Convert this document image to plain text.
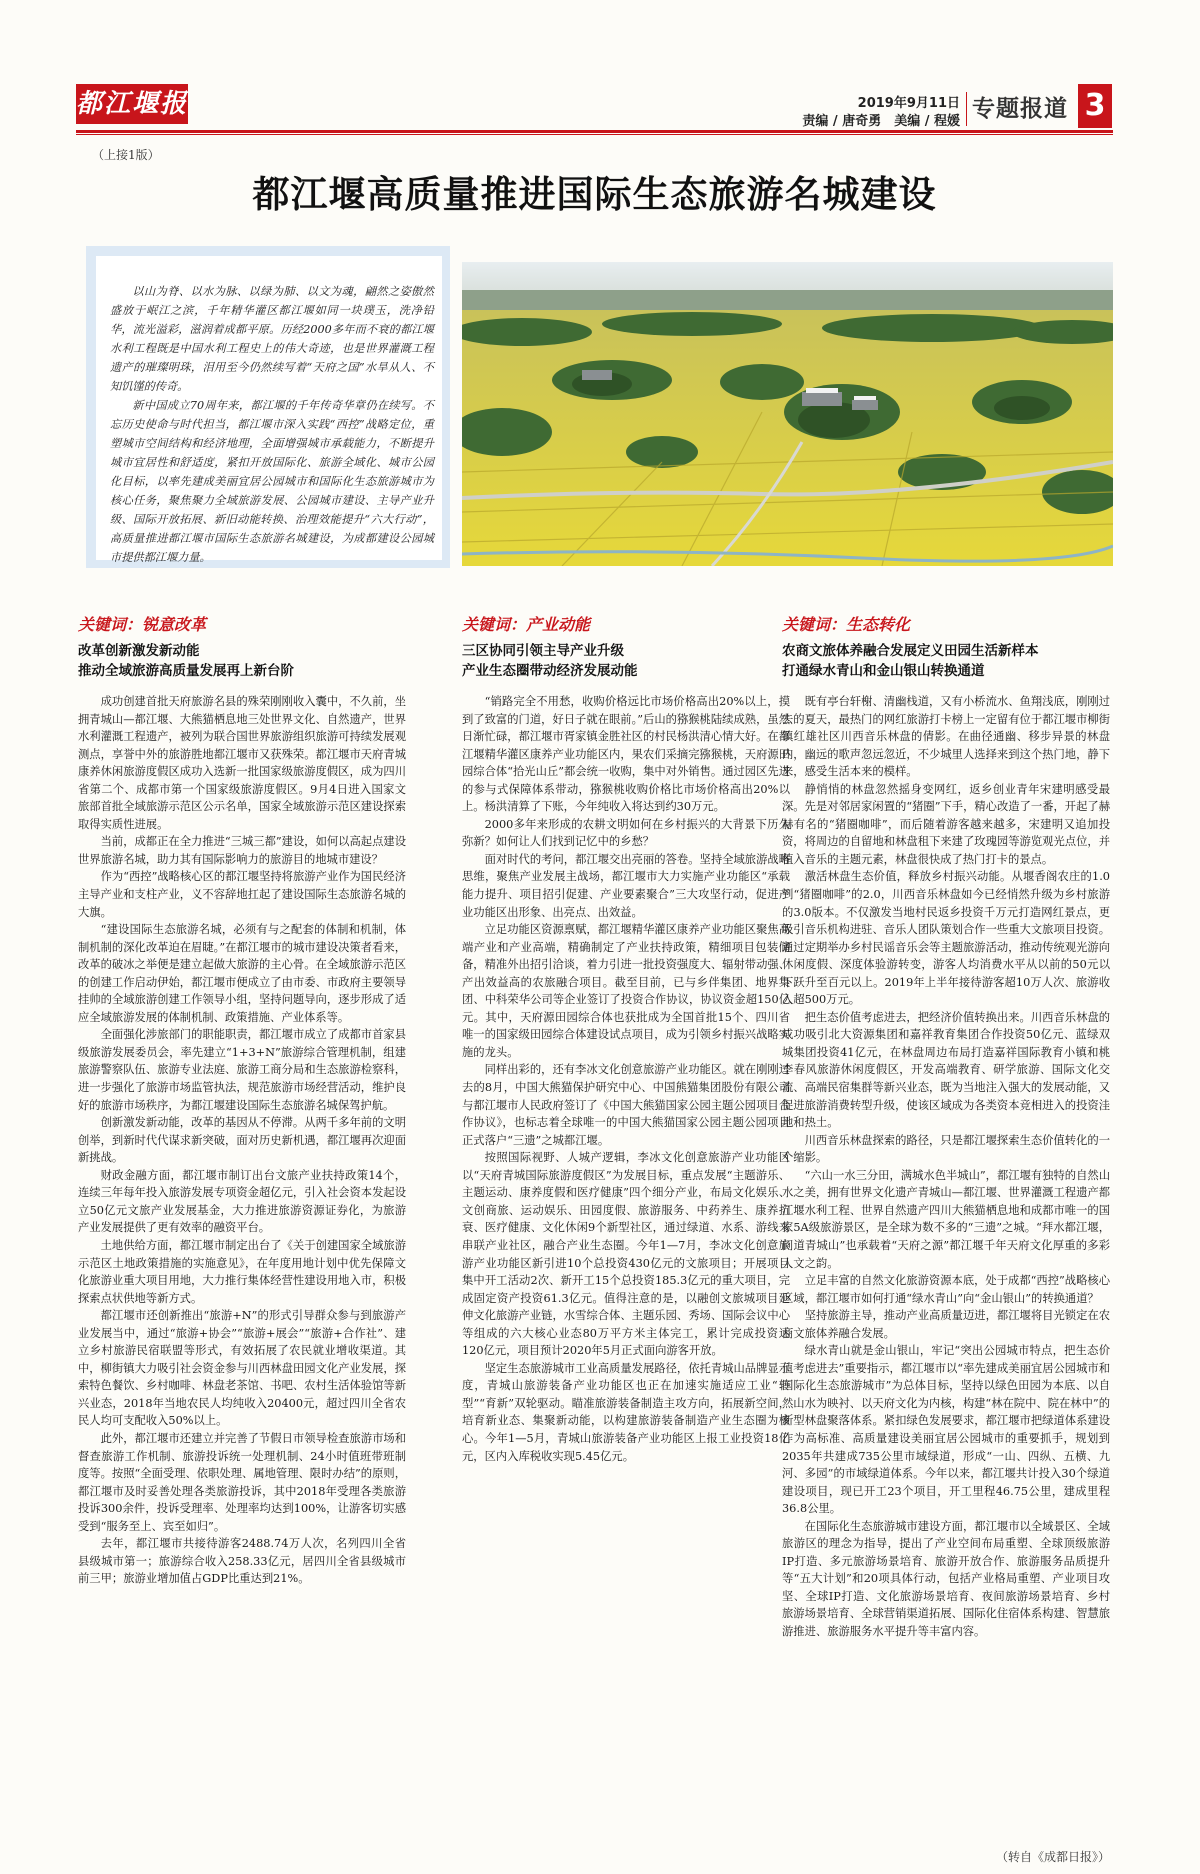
都江堰报	2019年9月11日
责编 / 唐奇勇　美编 / 程媛 专题报道 3
（上接1版）
都江堰高质量推进国际生态旅游名城建设

以山为脊、以水为脉、以绿为肺、以文为魂，翩然之姿傲然盛放于岷江之滨，千年精华灌区都江堰如同一块璞玉，洗净铅华，流光溢彩，滋润着成都平原。历经2000多年而不衰的都江堰水利工程既是中国水利工程史上的伟大奇迹，也是世界灌溉工程遗产的璀璨明珠，泪用至今仍然续写着“天府之国”水旱从人、不知饥馑的传奇。

新中国成立70周年来，都江堰的千年传奇华章仍在续写。不忘历史使命与时代担当，都江堰市深入实践“西控”战略定位，重塑城市空间结构和经济地理，全面增强城市承载能力，不断提升城市宜居性和舒适度，紧扣开放国际化、旅游全域化、城市公园化目标，以率先建成美丽宜居公园城市和国际化生态旅游城市为核心任务，聚焦聚力全域旅游发展、公园城市建设、主导产业升级、国际开放拓展、新旧动能转换、治理效能提升“六大行动”，高质量推进都江堰市国际生态旅游名城建设，为成都建设公园城市提供都江堰力量。

关键词：锐意改革
改革创新激发新动能
推动全域旅游高质量发展再上新台阶

成功创建首批天府旅游名县的殊荣刚刚收入囊中，不久前，坐拥青城山—都江堰、大熊猫栖息地三处世界文化、自然遗产，世界水利灌溉工程遗产，被列为联合国世界旅游组织旅游可持续发展观测点，享誉中外的旅游胜地都江堰市又获殊荣。都江堰市天府青城康养休闲旅游度假区成功入选新一批国家级旅游度假区，成为四川省第二个、成都市第一个国家级旅游度假区。9月4日进入国家文旅部首批全域旅游示范区公示名单，国家全域旅游示范区建设探索取得实质性进展。

当前，成都正在全力推进“三城三都”建设，如何以高起点建设世界旅游名城，助力其有国际影响力的旅游目的地城市建设？

作为“西控”战略核心区的都江堰坚持将旅游产业作为国民经济主导产业和支柱产业，义不容辞地扛起了建设国际生态旅游名城的大旗。

“建设国际生态旅游名城，必须有与之配套的体制和机制，体制机制的深化改革迫在眉睫。”在都江堰市的城市建设决策者看来，改革的破冰之举便是建立起做大旅游的主心骨。在全域旅游示范区的创建工作启动伊始，都江堰市便成立了由市委、市政府主要领导挂帅的全域旅游创建工作领导小组，坚持问题导向，逐步形成了适应全域旅游发展的体制机制、政策措施、产业体系等。

全面强化涉旅部门的职能职责，都江堰市成立了成都市首家县级旅游发展委员会，率先建立“1+3+N”旅游综合管理机制，组建旅游警察队伍、旅游专业法庭、旅游工商分局和生态旅游检察科，进一步强化了旅游市场监管执法，规范旅游市场经营活动，维护良好的旅游市场秩序，为都江堰建设国际生态旅游名城保驾护航。

创新激发新动能，改革的基因从不停滞。从两千多年前的文明创举，到新时代代谋求新突破，面对历史新机遇，都江堰再次迎面新挑战。

财政金融方面，都江堰市制订出台文旅产业扶持政策14个，连续三年每年投入旅游发展专项资金超亿元，引入社会资本发起设立50亿元文旅产业发展基金，大力推进旅游资源证券化，为旅游产业发展提供了更有效率的融资平台。

土地供给方面，都江堰市制定出台了《关于创建国家全域旅游示范区土地政策措施的实施意见》，在年度用地计划中优先保障文化旅游业重大项目用地，大力推行集体经营性建设用地入市，积极探索点状供地等新方式。

都江堰市还创新推出“旅游+N”的形式引导群众参与到旅游产业发展当中，通过“旅游+协会”“旅游+展会”“旅游+合作社”、建立乡村旅游民宿联盟等形式，有效拓展了农民就业增收渠道。其中，柳街镇大力吸引社会资金参与川西林盘田园文化产业发展，探索特色餐饮、乡村咖啡、林盘老茶馆、书吧、农村生活体验馆等新兴业态，2018年当地农民人均纯收入20400元，超过四川全省农民人均可支配收入50%以上。

此外，都江堰市还建立并完善了节假日市领导检查旅游市场和督查旅游工作机制、旅游投诉统一处理机制、24小时值班带班制度等。按照“全面受理、依职处理、属地管理、限时办结”的原则，都江堰市及时妥善处理各类旅游投诉，其中2018年受理各类旅游投诉300余件，投诉受理率、处理率均达到100%，让游客切实感受到“服务至上、宾至如归”。

去年，都江堰市共接待游客2488.74万人次，名列四川全省县级城市第一；旅游综合收入258.33亿元，居四川全省县级城市前三甲；旅游业增加值占GDP比重达到21%。

关键词：产业动能
三区协同引领主导产业升级
产业生态圈带动经济发展动能

“销路完全不用愁，收购价格远比市场价格高出20%以上，摸到了致富的门道，好日子就在眼前。”后山的猕猴桃陆续成熟，虽然日渐忙碌，都江堰市胥家镇金胜社区的村民杨洪清心情大好。在都江堰精华灌区康养产业功能区内，果农们采摘完猕猴桃，天府源田园综合体“拾光山丘”都会统一收购，集中对外销售。通过园区先进的参与式保障体系带动，猕猴桃收购价格比市场价格高出20%以上。杨洪清算了下账，今年纯收入将达到约30万元。

2000多年来形成的农耕文明如何在乡村振兴的大背景下历久弥新？如何让人们找到记忆中的乡愁？

面对时代的考问，都江堰交出亮丽的答卷。坚持全域旅游战略思维，聚焦产业发展主战场，都江堰市大力实施产业功能区“承载能力提升、项目招引促建、产业要素聚合”三大攻坚行动，促进产业功能区出形象、出亮点、出效益。

立足功能区资源禀赋，都江堰精华灌区康养产业功能区聚焦高端产业和产业高端，精确制定了产业扶持政策，精细项目包装储备，精准外出招引洽谈，着力引进一批投资强度大、辐射带动强、产出效益高的农旅融合项目。截至目前，已与乡伴集团、地界集团、中科荣华公司等企业签订了投资合作协议，协议资金超150亿元。其中，天府源田园综合体也获批成为全国首批15个、四川省唯一的国家级田园综合体建设试点项目，成为引领乡村振兴战略实施的龙头。

同样出彩的，还有李冰文化创意旅游产业功能区。就在刚刚过去的8月，中国大熊猫保护研究中心、中国熊猫集团股份有限公司与都江堰市人民政府签订了《中国大熊猫国家公园主题公园项目合作协议》，也标志着全球唯一的中国大熊猫国家公园主题公园项目正式落户“三遗”之城都江堰。

按照国际视野、人城产逻辑，李冰文化创意旅游产业功能区以“天府青城国际旅游度假区”为发展目标，重点发展“主题游乐、主题运动、康养度假和医疗健康”四个细分产业，布局文化娱乐、文创商旅、运动娱乐、田园度假、旅游服务、中药养生、康养抗衰、医疗健康、文化休闲9个新型社区，通过绿道、水系、游线来串联产业社区，融合产业生态圈。今年1—7月，李冰文化创意旅游产业功能区新引进10个总投资430亿元的文旅项目；开展项目集中开工活动2次、新开工15个总投资185.3亿元的重大项目，完成固定资产投资61.3亿元。值得注意的是，以融创文旅城项目延伸文化旅游产业链，水雪综合体、主题乐园、秀场、国际会议中心等组成的六大核心业态80万平方米主体完工，累计完成投资达120亿元，项目预计2020年5月正式面向游客开放。

坚定生态旅游城市工业高质量发展路径，依托青城山品牌显示度，青城山旅游装备产业功能区也正在加速实施适应工业“转型”“育新”双轮驱动。瞄准旅游装备制造主攻方向，拓展新空间，培育新业态、集聚新动能，以构建旅游装备制造产业生态圈为核心。今年1—5月，青城山旅游装备产业功能区上报工业投资18亿元，区内入库税收实现5.45亿元。

关键词：生态转化
农商文旅体养融合发展定义田园生活新样本
打通绿水青山和金山银山转换通道

既有亭台轩榭、清幽栈道，又有小桥流水、鱼翔浅底，刚刚过去的夏天，最热门的网红旅游打卡榜上一定留有位于都江堰市柳街镇红雄社区川西音乐林盘的倩影。在曲径通幽、移步异景的林盘内，幽远的歌声忽远忽近，不少城里人选择来到这个热门地，静下来，感受生活本来的模样。

静悄悄的林盘忽然摇身变网红，返乡创业青年宋建明感受最深。先是对邻居家闲置的“猪圈”下手，精心改造了一番，开起了赫赫有名的“猪圈咖啡”，而后随着游客越来越多，宋建明又追加投资，将周边的自留地和林盘租下来建了玫瑰园等游览观光点位，并植入音乐的主题元素，林盘很快成了热门打卡的景点。

激活林盘生态价值，释放乡村振兴动能。从堰香阁农庄的1.0到“猪圈咖啡”的2.0，川西音乐林盘如今已经悄然升级为乡村旅游的3.0版本。不仅激发当地村民返乡投资千万元打造网红景点，更吸引音乐机构进驻、音乐人团队策划合作一些重大文旅项目投资。通过定期举办乡村民谣音乐会等主题旅游活动，推动传统观光游向休闲度假、深度体验游转变，游客人均消费水平从以前的50元以下跃升至百元以上。2019年上半年接待游客超10万人次、旅游收入超500万元。

把生态价值考虑进去，把经济价值转换出来。川西音乐林盘的成功吸引北大资源集团和嘉祥教育集团合作投资50亿元、蓝绿双城集团投资41亿元，在林盘周边布局打造嘉祥国际教育小镇和桃李春风旅游休闲度假区，开发高端教育、研学旅游、国际文化交流、高端民宿集群等新兴业态，既为当地注入强大的发展动能，又促进旅游消费转型升级，使该区域成为各类资本竞相进入的投资洼地和热土。

川西音乐林盘探索的路径，只是都江堰探索生态价值转化的一个缩影。

“六山一水三分田，满城水色半城山”，都江堰有独特的自然山水之美，拥有世界文化遗产青城山—都江堰、世界灌溉工程遗产都江堰水利工程、世界自然遗产四川大熊猫栖息地和成都市唯一的国家5A级旅游景区，是全球为数不多的“三遗”之城。“拜水都江堰，问道青城山”也承载着“天府之源”都江堰千年天府文化厚重的多彩人文之韵。

立足丰富的自然文化旅游资源本底，处于成都“西控”战略核心区域，都江堰市如何打通“绿水青山”向“金山银山”的转换通道？

坚持旅游主导，推动产业高质量迈进，都江堰将目光锁定在农商文旅体养融合发展。

绿水青山就是金山银山，牢记“突出公园城市特点，把生态价值考虑进去”重要指示，都江堰市以“率先建成美丽宜居公园城市和国际化生态旅游城市”为总体目标，坚持以绿色田园为本底、以自然山水为映衬、以天府文化为内核，构建“林在院中、院在林中”的新型林盘聚落体系。紧扣绿色发展要求，都江堰市把绿道体系建设作为高标准、高质量建设美丽宜居公园城市的重要抓手，规划到2035年共建成735公里市域绿道，形成“一山、四纵、五横、九河、多园”的市域绿道体系。今年以来，都江堰共计投入30个绿道建设项目，现已开工23个项目，开工里程46.75公里，建成里程36.8公里。

在国际化生态旅游城市建设方面，都江堰市以全域景区、全域旅游区的理念为指导，提出了产业空间布局重塑、全球顶级旅游IP打造、多元旅游场景培育、旅游开放合作、旅游服务品质提升等“五大计划”和20项具体行动，包括产业格局重塑、产业项目攻坚、全球IP打造、文化旅游场景培育、夜间旅游场景培育、乡村旅游场景培育、全球营销渠道拓展、国际化住宿体系构建、智慧旅游推进、旅游服务水平提升等丰富内容。

（转自《成都日报》）
